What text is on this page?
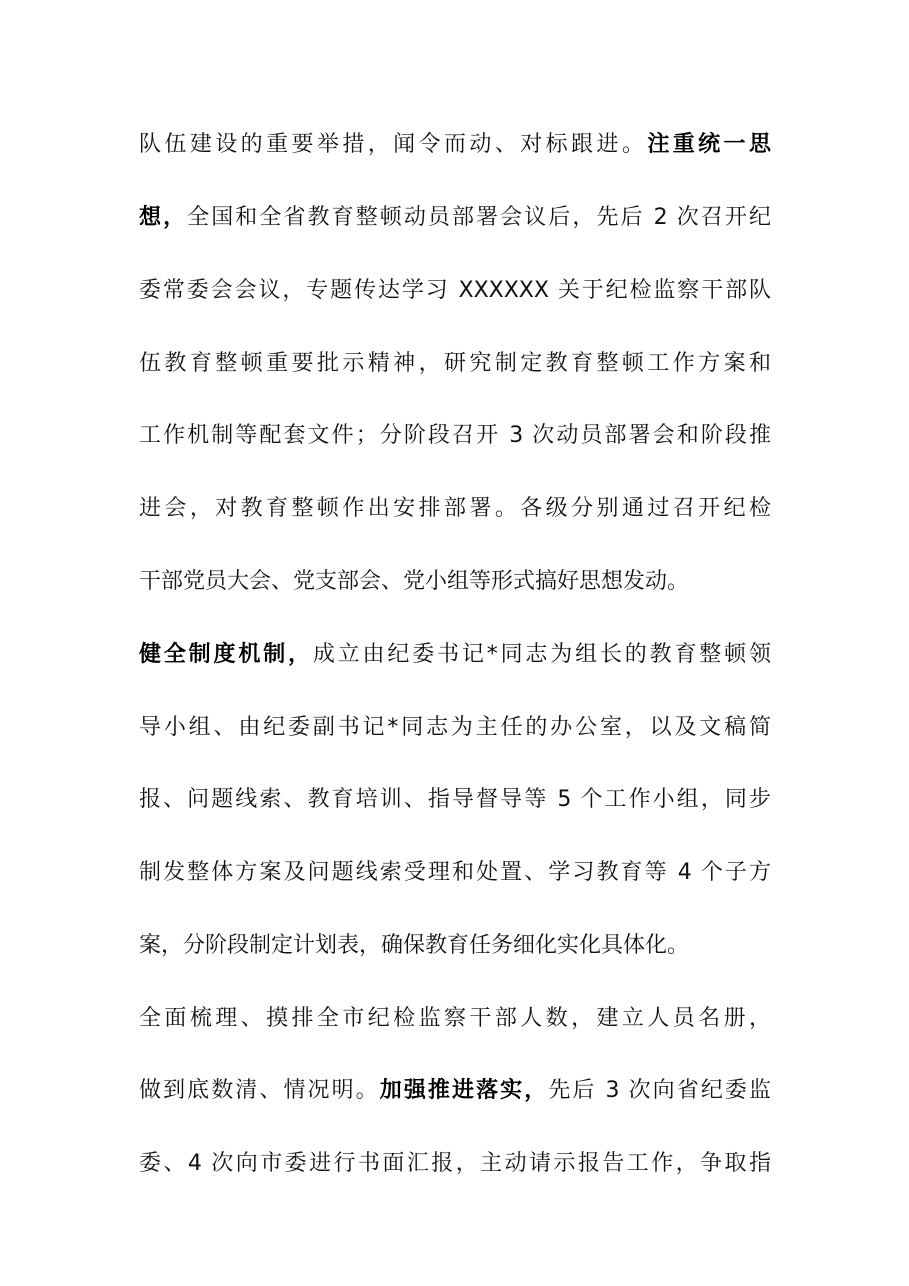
队伍建设的重要举措，闻令而动、对标跟进。注重统一思
想，全国和全省教育整顿动员部署会议后，先后 2 次召开纪
委常委会会议，专题传达学习 XXXXXX 关于纪检监察干部队
伍教育整顿重要批示精神，研究制定教育整顿工作方案和
工作机制等配套文件；分阶段召开 3 次动员部署会和阶段推
进会，对教育整顿作出安排部署。各级分别通过召开纪检
干部党员大会、党支部会、党小组等形式搞好思想发动。
健全制度机制，成立由纪委书记*同志为组长的教育整顿领
导小组、由纪委副书记*同志为主任的办公室，以及文稿简
报、问题线索、教育培训、指导督导等 5 个工作小组，同步
制发整体方案及问题线索受理和处置、学习教育等 4 个子方
案，分阶段制定计划表，确保教育任务细化实化具体化。
全面梳理、摸排全市纪检监察干部人数，建立人员名册，
做到底数清、情况明。加强推进落实，先后 3 次向省纪委监
委、4 次向市委进行书面汇报，主动请示报告工作，争取指
